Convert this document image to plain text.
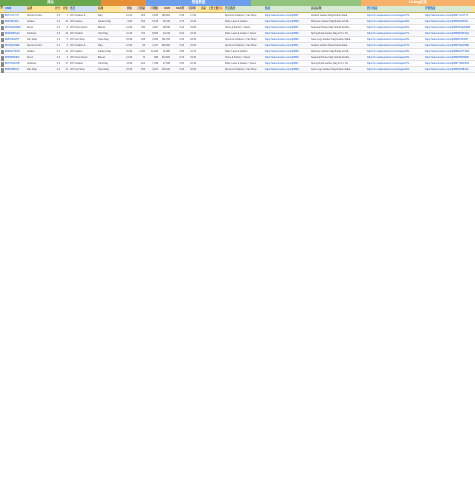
商品	销量数据	Listing信息
图 ASIN	品牌	评分	评论 类目	标题	价格	月销量	月销额	BSR	FBA费	毛利率	卖家 上架天数
变体	类目路径	链接	商品标题	图片链接	详情链接
B07YLV1Y7K	Sports & Outd...	4.5	1 LTK Outdoor & ...	Flag	12.44	203	2,525	185,000	5.36	17.90	Sports & Outdoors > Fan Shop	https://www.amazon.com/dp/B07...	Outdoor Garden Flag Double Sided...	https://m.media-amazon.com/images/I/71...	https://www.amazon.com/dp/B07YLV1Y7K
B08C9ZX2KL	Garden	4.2	14 LTK Garden	Garden Flag	9.99	515	5,145	62,310	4.75	21.40	Patio, Lawn & Garden	https://www.amazon.com/dp/B08...	Welcome Garden Flag Burlap 12x18...	https://m.media-amazon.com/images/I/81...	https://www.amazon.com/dp/B08C9ZX2KL
B07R4QW9MN	Decor	4.4	8 LTK Home Decor	Banner	14.99	330	4,947	98,540	5.10	19.80	Home & Kitchen > Decor	https://www.amazon.com/dp/B07...	Seasonal House Flag Vertical Double...	https://m.media-amazon.com/images/I/61...	https://www.amazon.com/dp/B07R4QW9MN
B09DK8P1QA	Outdoors	4.6	22 LTK Outdoor	Yard Flag	11.49	742	8,526	40,210	5.02	23.10	Patio, Lawn & Garden > Decor	https://www.amazon.com/dp/B09...	Spring Floral Garden Flag 12.5 x 18...	https://m.media-amazon.com/images/I/71...	https://www.amazon.com/dp/B09DK8P1QA
B08HJ3LW5T	Fan Shop	4.3	5 LTK Fan Shop	Team Flag	15.99	188	3,006	151,700	5.40	18.20	Sports & Outdoors > Fan Shop	https://www.amazon.com/dp/B08...	Team Logo Garden Flag Double Sided...	https://m.media-amazon.com/images/I/61...	https://www.amazon.com/dp/B08HJ3LW5T
B07ZQ2V6RE	Sports & Outd...	4.1	3 LTK Outdoor & ...	Flag	12.99	96	1,247	265,400	5.36	16.60	Sports & Outdoors > Fan Shop	https://www.amazon.com/dp/B07...	Outdoor Garden Flag Double Sided...	https://m.media-amazon.com/images/I/71...	https://www.amazon.com/dp/B07ZQ2V6RE
B08LM7T4WX	Garden	4.7	31 LTK Garden	Garden Flag	10.99	1,024	11,254	21,880	4.85	24.70	Patio, Lawn & Garden	https://www.amazon.com/dp/B08...	Welcome Garden Flag Burlap 12x18...	https://m.media-amazon.com/images/I/81...	https://www.amazon.com/dp/B08LM7T4WX
B09PR5N8DC	Decor	4.0	2 LTK Home Decor	Banner	13.49	74	998	312,600	5.15	15.90	Home & Kitchen > Decor	https://www.amazon.com/dp/B09...	Seasonal House Flag Vertical Double...	https://m.media-amazon.com/images/I/61...	https://www.amazon.com/dp/B09PR5N8DC
B07TW3K2HF	Outdoors	4.5	17 LTK Outdoor	Yard Flag	11.99	612	7,338	47,930	5.02	22.40	Patio, Lawn & Garden > Decor	https://www.amazon.com/dp/B07...	Spring Floral Garden Flag 12.5 x 18...	https://m.media-amazon.com/images/I/71...	https://www.amazon.com/dp/B07TW3K2HF
B08SX9B1ZU	Fan Shop	4.4	11 LTK Fan Shop	Team Flag	16.49	256	4,221	120,440	5.40	18.90	Sports & Outdoors > Fan Shop	https://www.amazon.com/dp/B08...	Team Logo Garden Flag Double Sided...	https://m.media-amazon.com/images/I/61...	https://www.amazon.com/dp/B08SX9B1ZU
